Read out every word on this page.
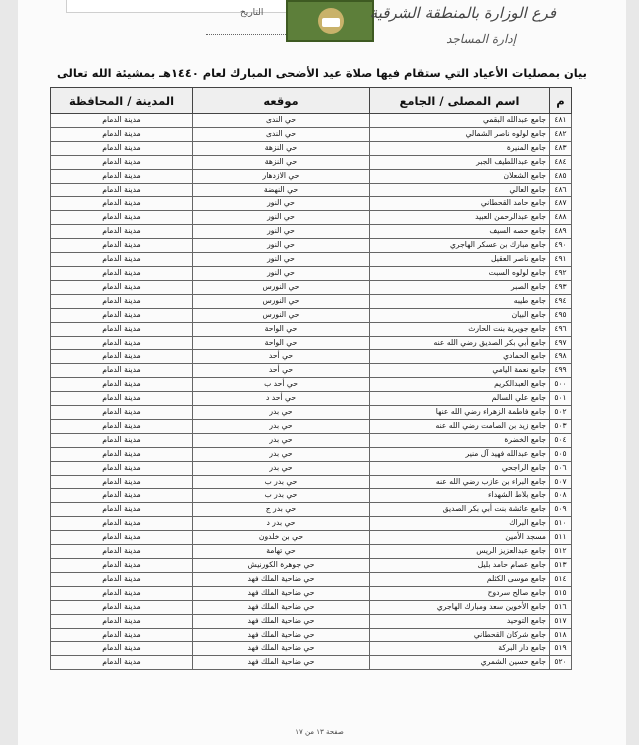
التاريخ	فرع الوزارة بالمنطقة الشرقية
إدارة المساجد
بيان بمصليات الأعياد التي ستقام فيها صلاة عيد الأضحى المبارك لعام ١٤٤٠هـ بمشيئة الله تعالى
م	اسم المصلى / الجامع	موقعه	المدينة / المحافظة
٤٨١	جامع عبدالله البقمي	حي الندى	مدينة الدمام
٤٨٢	جامع لولوه ناصر الشمالي	حي الندى	مدينة الدمام
٤٨٣	جامع المنيرة	حي النزهة	مدينة الدمام
٤٨٤	جامع عبداللطيف الجبر	حي النزهة	مدينة الدمام
٤٨٥	جامع الشعلان	حي الازدهار	مدينة الدمام
٤٨٦	جامع العالي	حي النهضة	مدينة الدمام
٤٨٧	جامع حامد القحطاني	حي النور	مدينة الدمام
٤٨٨	جامع عبدالرحمن العبيد	حي النور	مدينة الدمام
٤٨٩	جامع حصه السيف	حي النور	مدينة الدمام
٤٩٠	جامع مبارك بن عسكر الهاجري	حي النور	مدينة الدمام
٤٩١	جامع ناصر العقيل	حي النور	مدينة الدمام
٤٩٢	جامع لولوه السبت	حي النور	مدينة الدمام
٤٩٣	جامع الصبر	حي النورس	مدينة الدمام
٤٩٤	جامع طيبه	حي النورس	مدينة الدمام
٤٩٥	جامع البيان	حي النورس	مدينة الدمام
٤٩٦	جامع جويرية بنت الحارث	حي الواحة	مدينة الدمام
٤٩٧	جامع أبي بكر الصديق رضي الله عنه	حي الواحة	مدينة الدمام
٤٩٨	جامع الحمادي	حي أحد	مدينة الدمام
٤٩٩	جامع نعمة اليامي	حي أحد	مدينة الدمام
٥٠٠	جامع العبدالكريم	حي أحد ب	مدينة الدمام
٥٠١	جامع علي السالم	حي أحد د	مدينة الدمام
٥٠٢	جامع فاطمة الزهراء رضي الله عنها	حي بدر	مدينة الدمام
٥٠٣	جامع زيد بن الصامت رضي الله عنه	حي بدر	مدينة الدمام
٥٠٤	جامع الخضرة	حي بدر	مدينة الدمام
٥٠٥	جامع عبدالله فهيد آل منير	حي بدر	مدينة الدمام
٥٠٦	جامع الراجحي	حي بدر	مدينة الدمام
٥٠٧	جامع البراء بن عازب رضي الله عنه	حي بدر ب	مدينة الدمام
٥٠٨	جامع بلاط الشهداء	حي بدر ب	مدينة الدمام
٥٠٩	جامع عائشة بنت أبي بكر الصديق	حي بدر ج	مدينة الدمام
٥١٠	جامع البراك	حي بدر د	مدينة الدمام
٥١١	مسجد الأمين	حي بن خلدون	مدينة الدمام
٥١٢	جامع عبدالعزيز الريس	حي تهامة	مدينة الدمام
٥١٣	جامع عصام حامد بليل	حي جوهرة الكورنيش	مدينة الدمام
٥١٤	جامع موسى الكثلم	حي ضاحية الملك فهد	مدينة الدمام
٥١٥	جامع صالح سردوح	حي ضاحية الملك فهد	مدينة الدمام
٥١٦	جامع الأخوين سعد ومبارك الهاجري	حي ضاحية الملك فهد	مدينة الدمام
٥١٧	جامع التوحيد	حي ضاحية الملك فهد	مدينة الدمام
٥١٨	جامع شركان القحطاني	حي ضاحية الملك فهد	مدينة الدمام
٥١٩	جامع دار البركة	حي ضاحية الملك فهد	مدينة الدمام
٥٢٠	جامع حسين الشمري	حي ضاحية الملك فهد	مدينة الدمام
صفحة ١٣ من ١٧
